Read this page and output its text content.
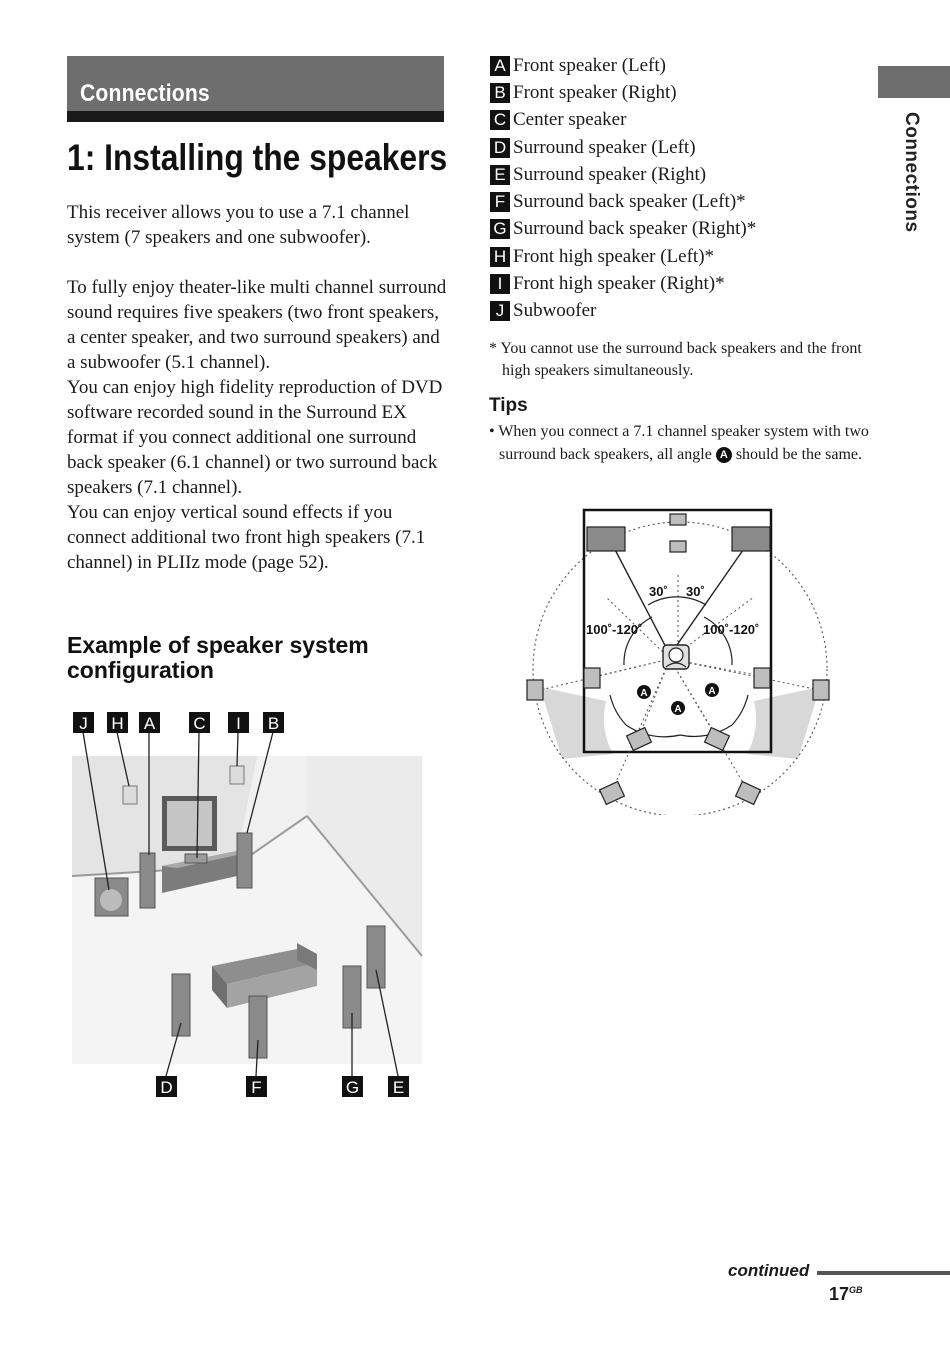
Connections
1: Installing the speakers

This receiver allows you to use a 7.1 channel system (7 speakers and one subwoofer).

To fully enjoy theater-like multi channel surround sound requires five speakers (two front speakers, a center speaker, and two surround speakers) and a subwoofer (5.1 channel).

You can enjoy high fidelity reproduction of DVD software recorded sound in the Surround EX format if you connect additional one surround back speaker (6.1 channel) or two surround back speakers (7.1 channel).

You can enjoy vertical sound effects if you connect additional two front high speakers (7.1 channel) in PLIIz mode (page 52).

Example of speaker system configuration
J H A C I B
D	F	G E
A Front speaker (Left)
B Front speaker (Right)
C Center speaker
D Surround speaker (Left)
E Surround speaker (Right)
F Surround back speaker (Left)*
G Surround back speaker (Right)*
H Front high speaker (Left)*
I Front high speaker (Right)*
J Subwoofer
* You cannot use the surround back speakers and the front high speakers simultaneously.
Tips
• When you connect a 7.1 channel speaker system with two surround back speakers, all angle A should be the same.
30˚ 30˚
100˚-120˚	100˚-120˚
A	A
A
Connections
continued
$17^{GB}$
